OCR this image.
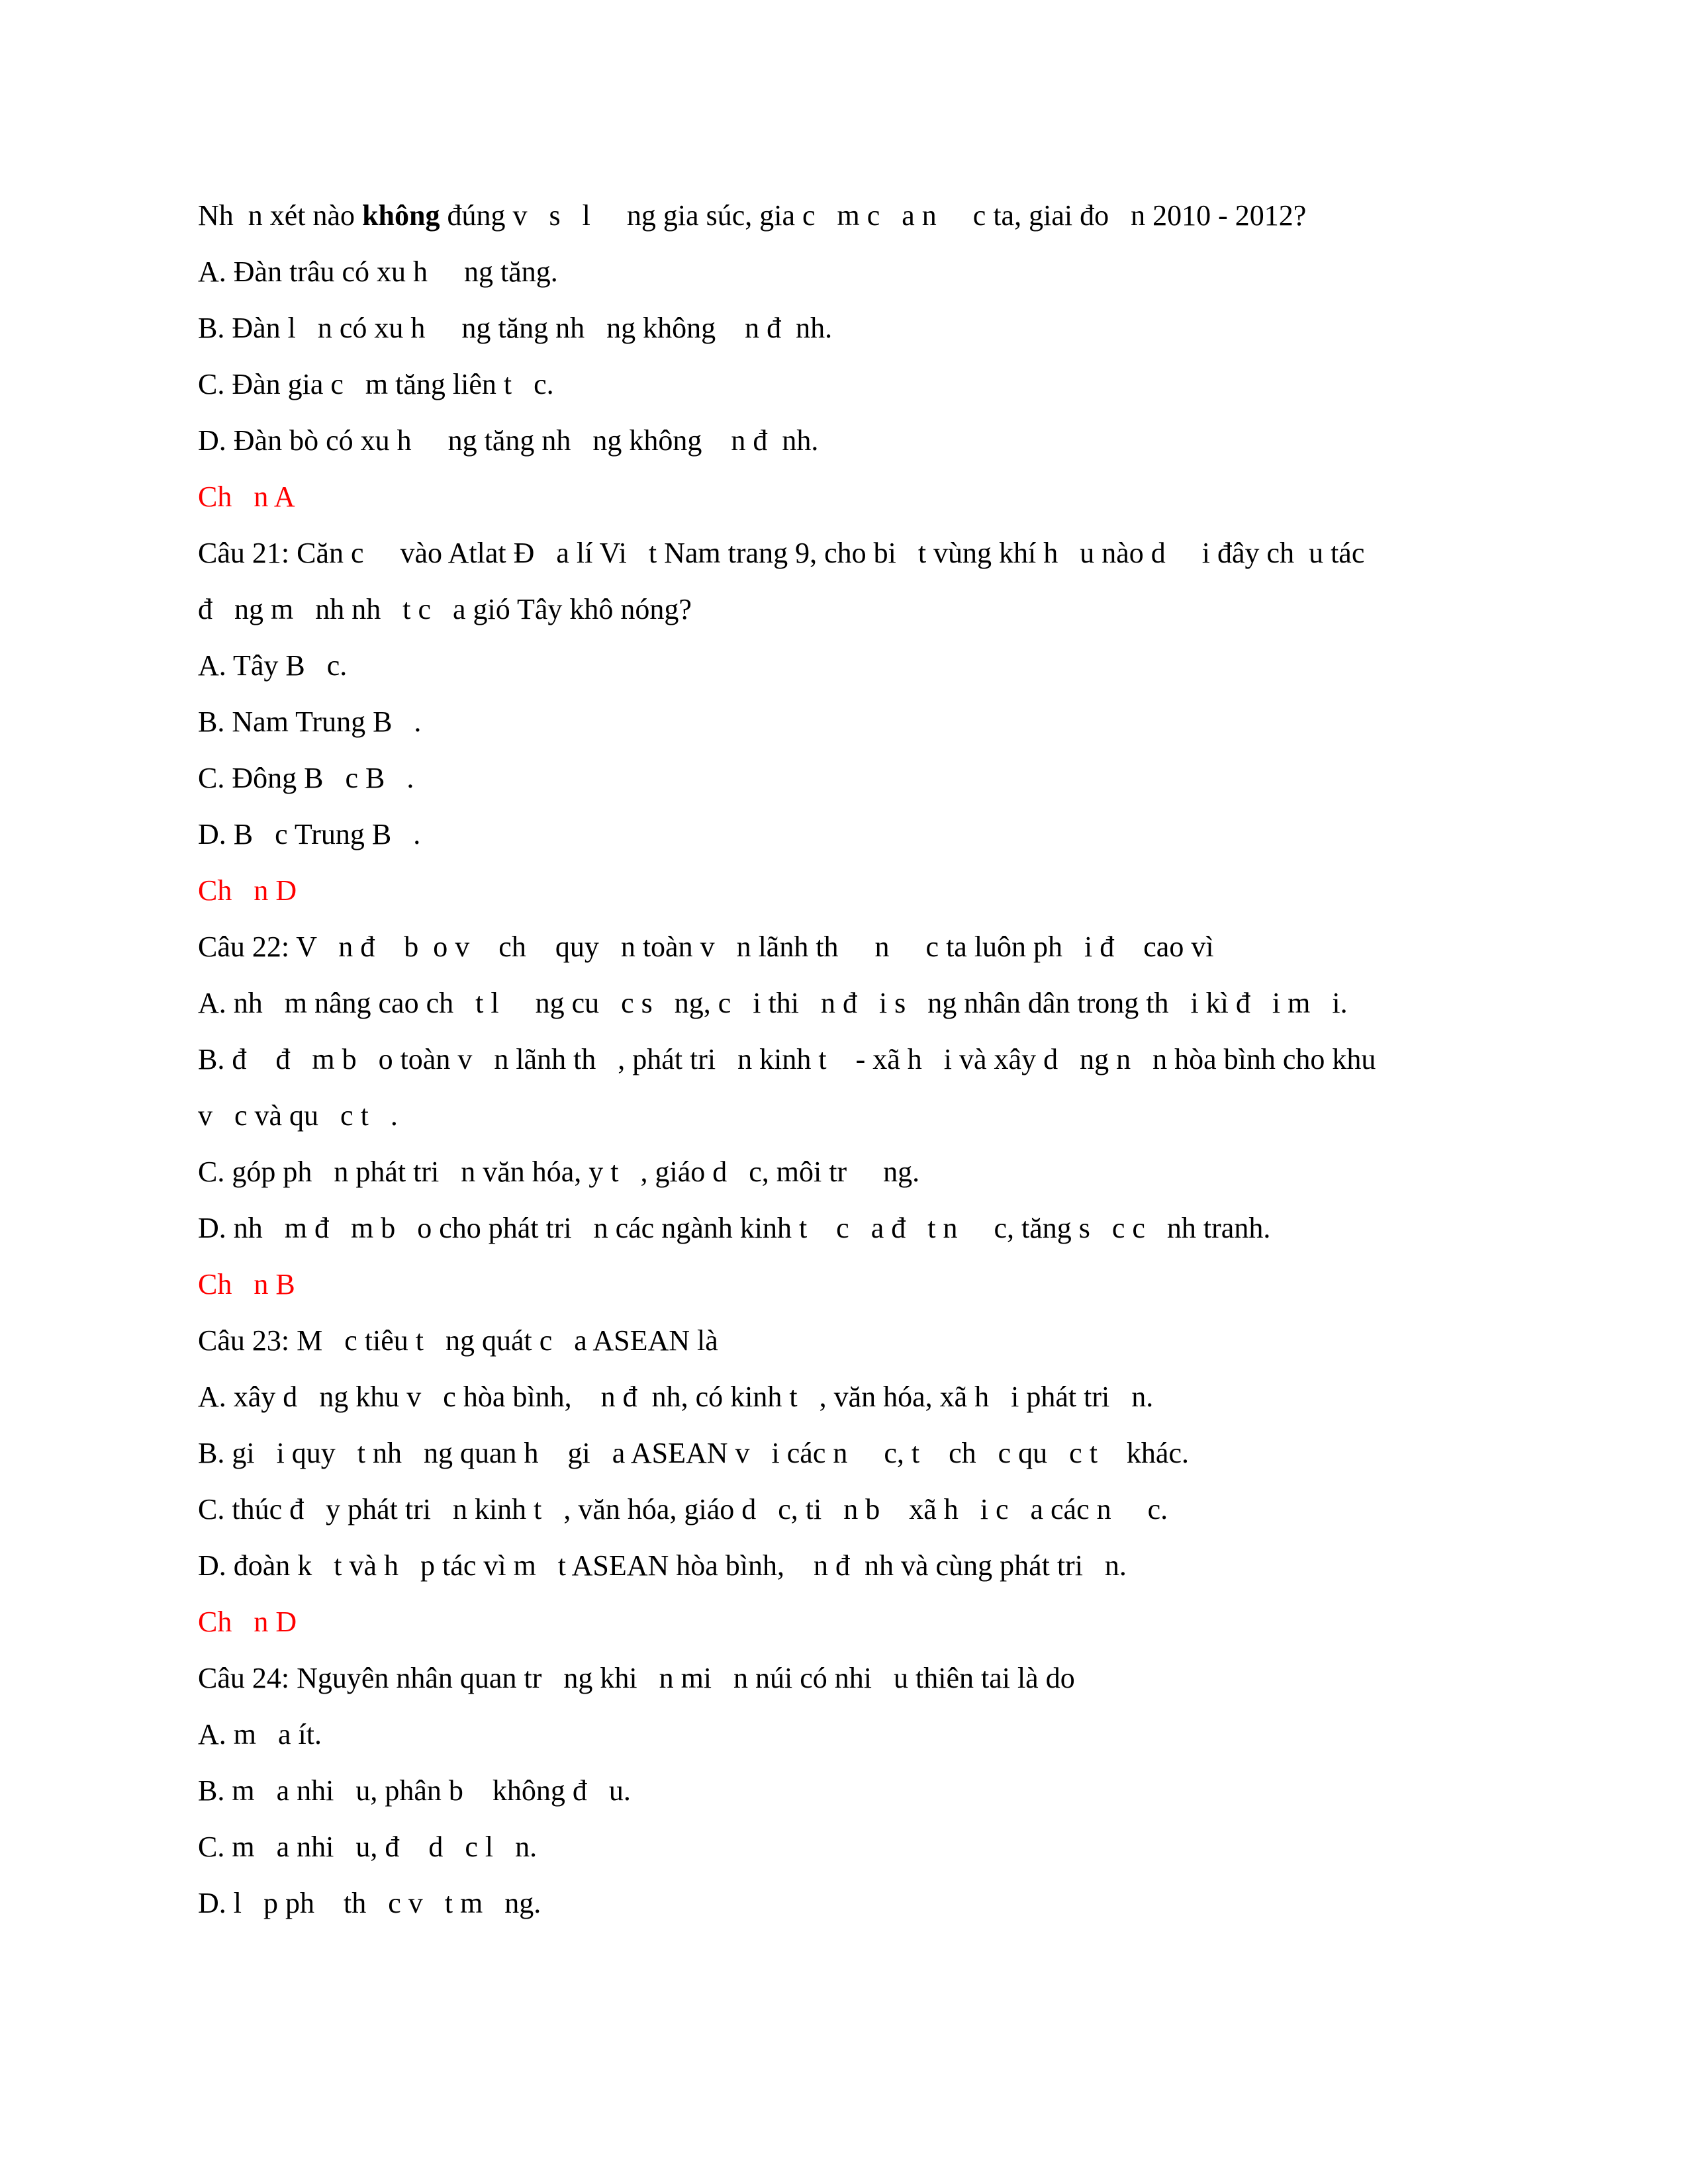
Nh  n xét nào không đúng v   s   l     ng gia súc, gia c   m c   a n     c ta, giai đo   n 2010 - 2012?
A. Đàn trâu có xu h     ng tăng.
B. Đàn l   n có xu h     ng tăng nh   ng không    n đ  nh.
C. Đàn gia c   m tăng liên t   c.
D. Đàn bò có xu h     ng tăng nh   ng không    n đ  nh.
Ch   n A
Câu 21: Căn c     vào Atlat Đ   a lí Vi   t Nam trang 9, cho bi   t vùng khí h   u nào d     i đây ch  u tác
đ   ng m   nh nh   t c   a gió Tây khô nóng?
A. Tây B   c.
B. Nam Trung B   .
C. Đông B   c B   .
D. B   c Trung B   .
Ch   n D
Câu 22: V   n đ    b  o v    ch    quy   n toàn v   n lãnh th     n     c ta luôn ph   i đ    cao vì
A. nh   m nâng cao ch   t l     ng cu   c s   ng, c   i thi   n đ   i s   ng nhân dân trong th   i kì đ   i m   i.
B. đ    đ   m b   o toàn v   n lãnh th   , phát tri   n kinh t    - xã h   i và xây d   ng n   n hòa bình cho khu
v   c và qu   c t   .
C. góp ph   n phát tri   n văn hóa, y t   , giáo d   c, môi tr     ng.
D. nh   m đ   m b   o cho phát tri   n các ngành kinh t    c   a đ   t n     c, tăng s   c c   nh tranh.
Ch   n B
Câu 23: M   c tiêu t   ng quát c   a ASEAN là
A. xây d   ng khu v   c hòa bình,    n đ  nh, có kinh t   , văn hóa, xã h   i phát tri   n.
B. gi   i quy   t nh   ng quan h    gi   a ASEAN v   i các n     c, t    ch   c qu   c t    khác.
C. thúc đ   y phát tri   n kinh t   , văn hóa, giáo d   c, ti   n b    xã h   i c   a các n     c.
D. đoàn k   t và h   p tác vì m   t ASEAN hòa bình,    n đ  nh và cùng phát tri   n.
Ch   n D
Câu 24: Nguyên nhân quan tr   ng khi   n mi   n núi có nhi   u thiên tai là do
A. m   a ít.
B. m   a nhi   u, phân b    không đ   u.
C. m   a nhi   u, đ    d   c l   n.
D. l   p ph    th   c v   t m   ng.
